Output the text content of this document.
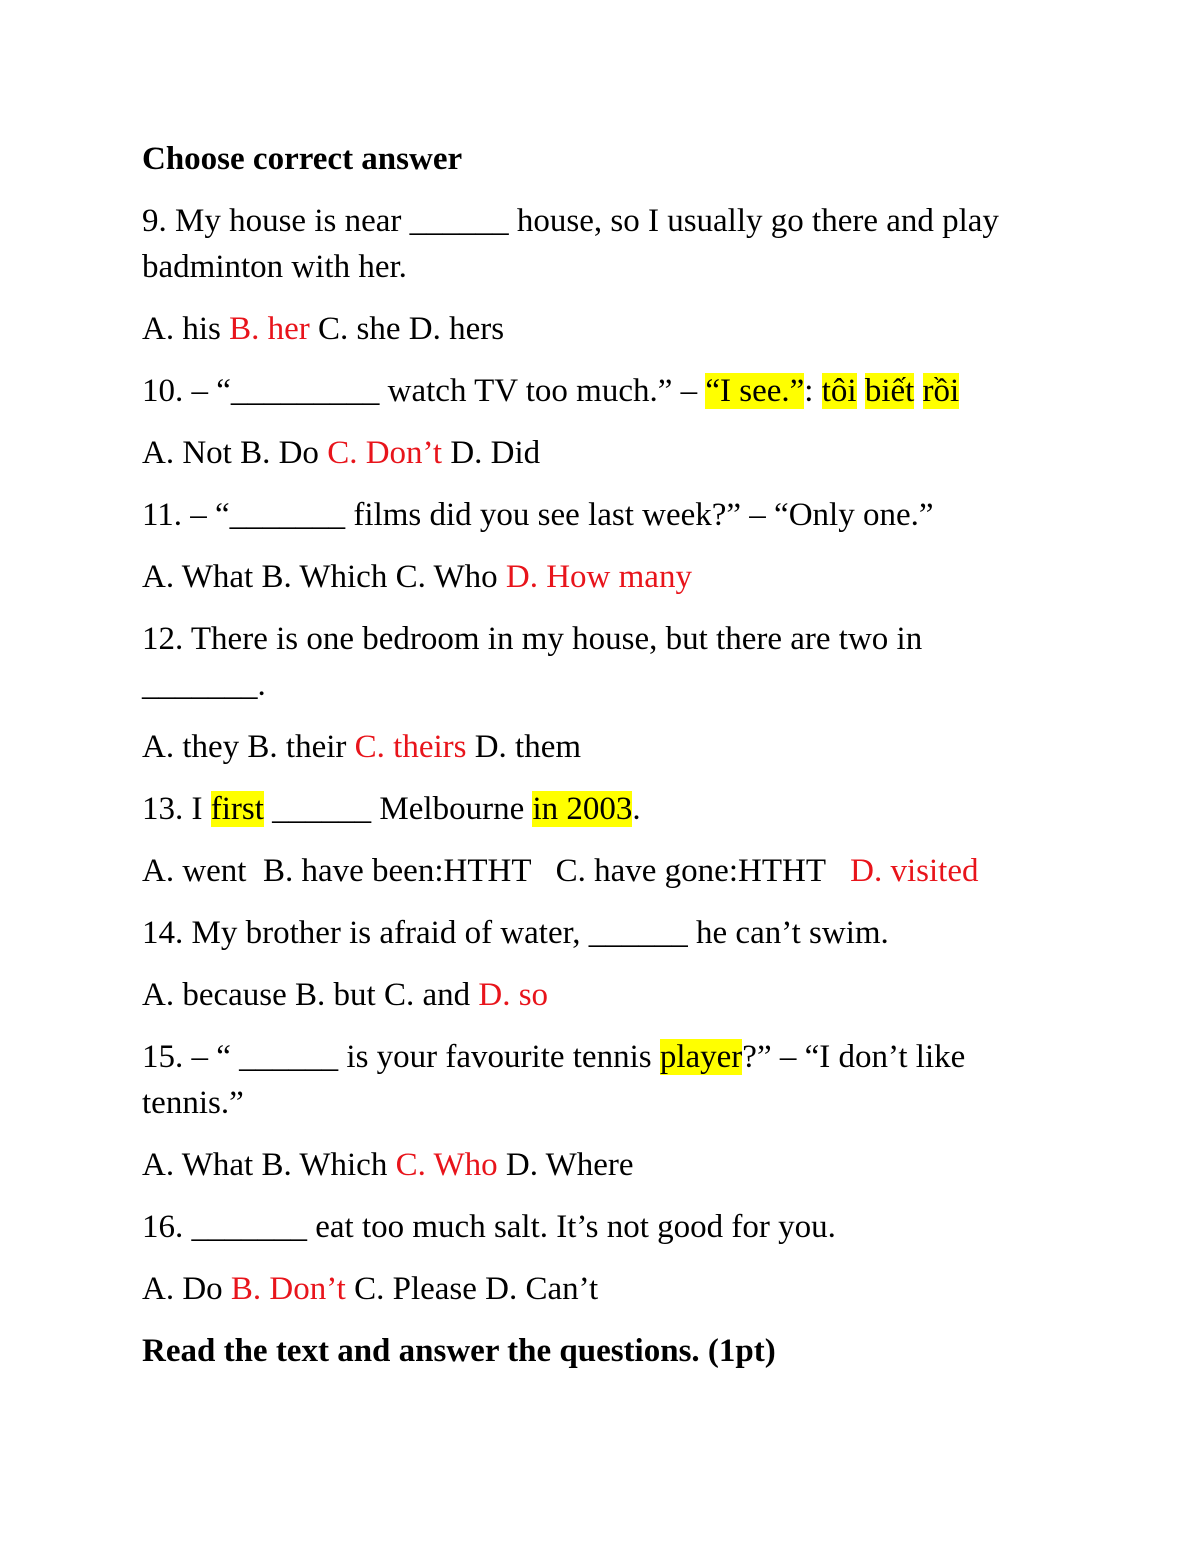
Choose correct answer

9. My house is near ______ house, so I usually go there and play

badminton with her.

A. his B. her C. she D. hers

10. – “_________ watch TV too much.” – “I see.”: tôi biết rồi

A. Not B. Do C. Don’t D. Did

11. – “_______ films did you see last week?” – “Only one.”

A. What B. Which C. Who D. How many

12. There is one bedroom in my house, but there are two in

_______.

A. they B. their C. theirs D. them

13. I first ______ Melbourne in 2003.

A. went  B. have been:HTHT   C. have gone:HTHT   D. visited

14. My brother is afraid of water, ______ he can’t swim.

A. because B. but C. and D. so

15. – “ ______ is your favourite tennis player?” – “I don’t like

tennis.”

A. What B. Which C. Who D. Where

16. _______ eat too much salt. It’s not good for you.

A. Do B. Don’t C. Please D. Can’t

Read the text and answer the questions. (1pt)
